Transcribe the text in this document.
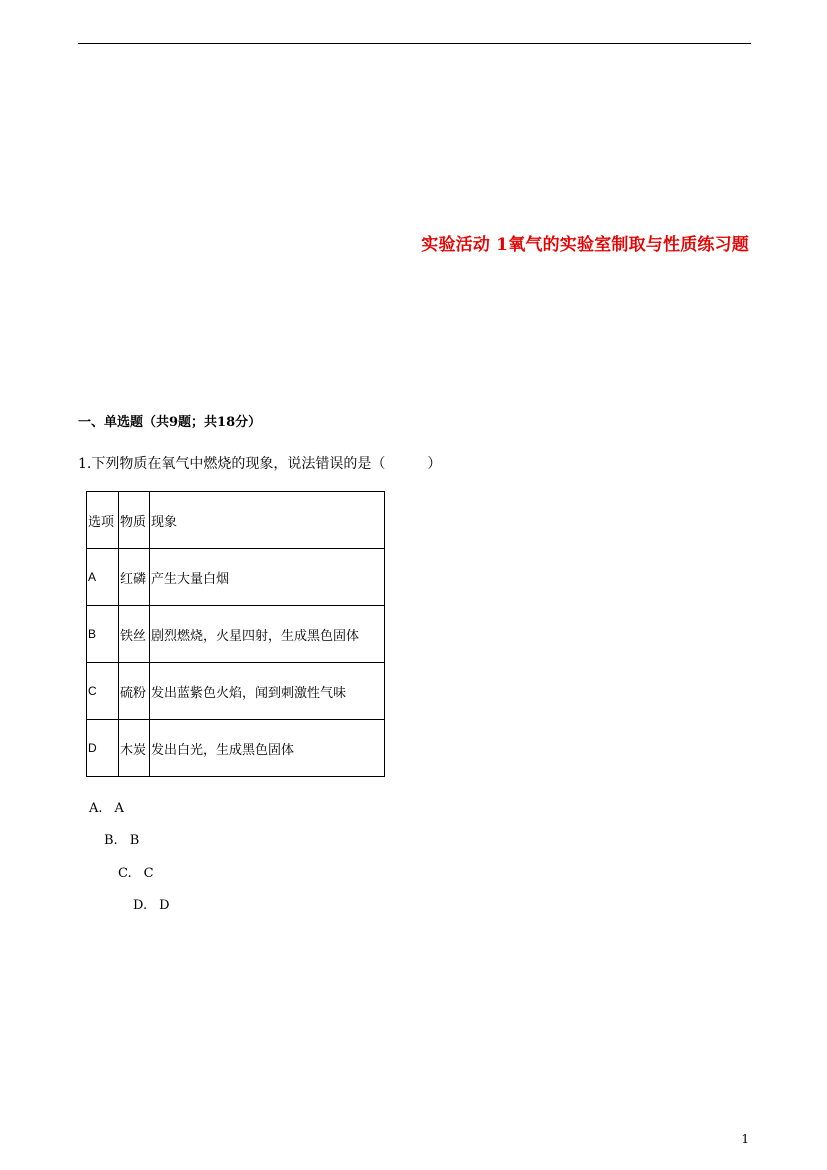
实验活动 1氧气的实验室制取与性质练习题
一、单选题（共9题；共18分）
1.下列物质在氧气中燃烧的现象，说法错误的是（　　　）
选项	物质	现象
A	红磷	产生大量白烟
B	铁丝	剧烈燃烧，火星四射，生成黑色固体
C	硫粉	发出蓝紫色火焰，闻到刺激性气味
D	木炭	发出白光，生成黑色固体
A. A
B. B
C. C
D. D
1
